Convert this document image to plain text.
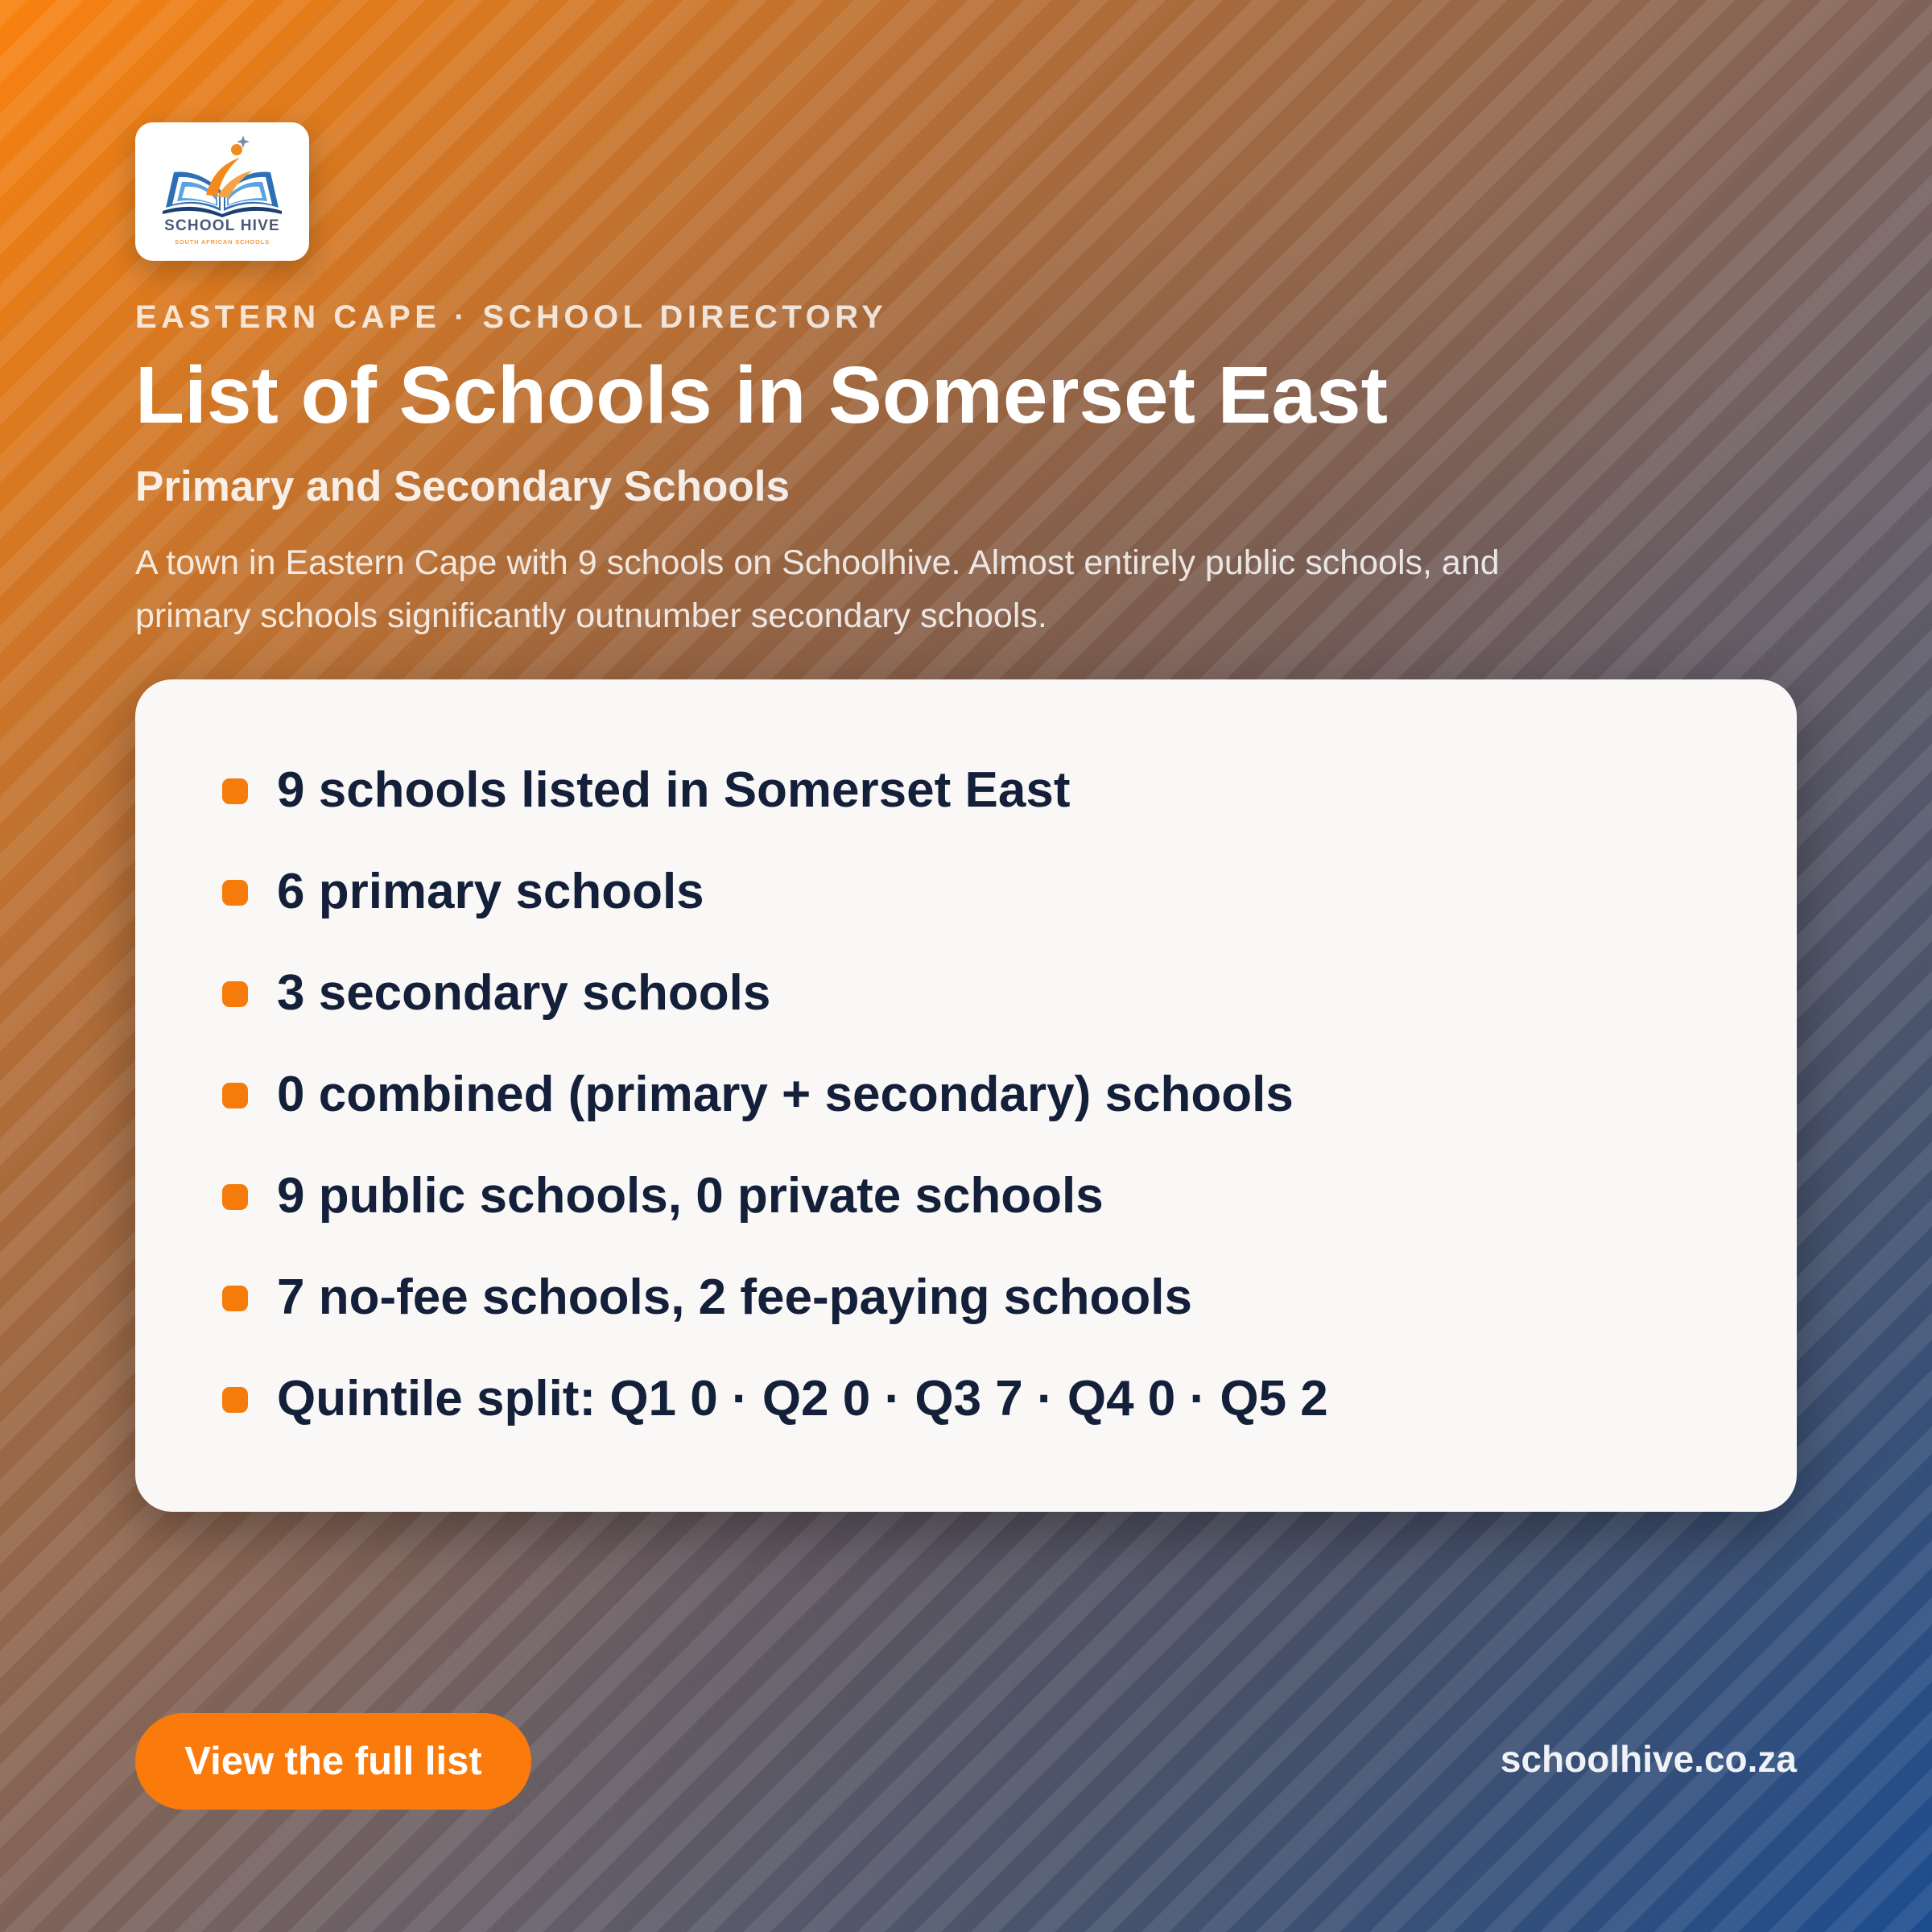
SCHOOL HIVE
SOUTH AFRICAN SCHOOLS
EASTERN CAPE · SCHOOL DIRECTORY
List of Schools in Somerset East
Primary and Secondary Schools
A town in Eastern Cape with 9 schools on Schoolhive. Almost entirely public schools, and primary schools significantly outnumber secondary schools.
9 schools listed in Somerset East
6 primary schools
3 secondary schools
0 combined (primary + secondary) schools
9 public schools, 0 private schools
7 no-fee schools, 2 fee-paying schools
Quintile split: Q1 0 · Q2 0 · Q3 7 · Q4 0 · Q5 2
View the full list	schoolhive.co.za
